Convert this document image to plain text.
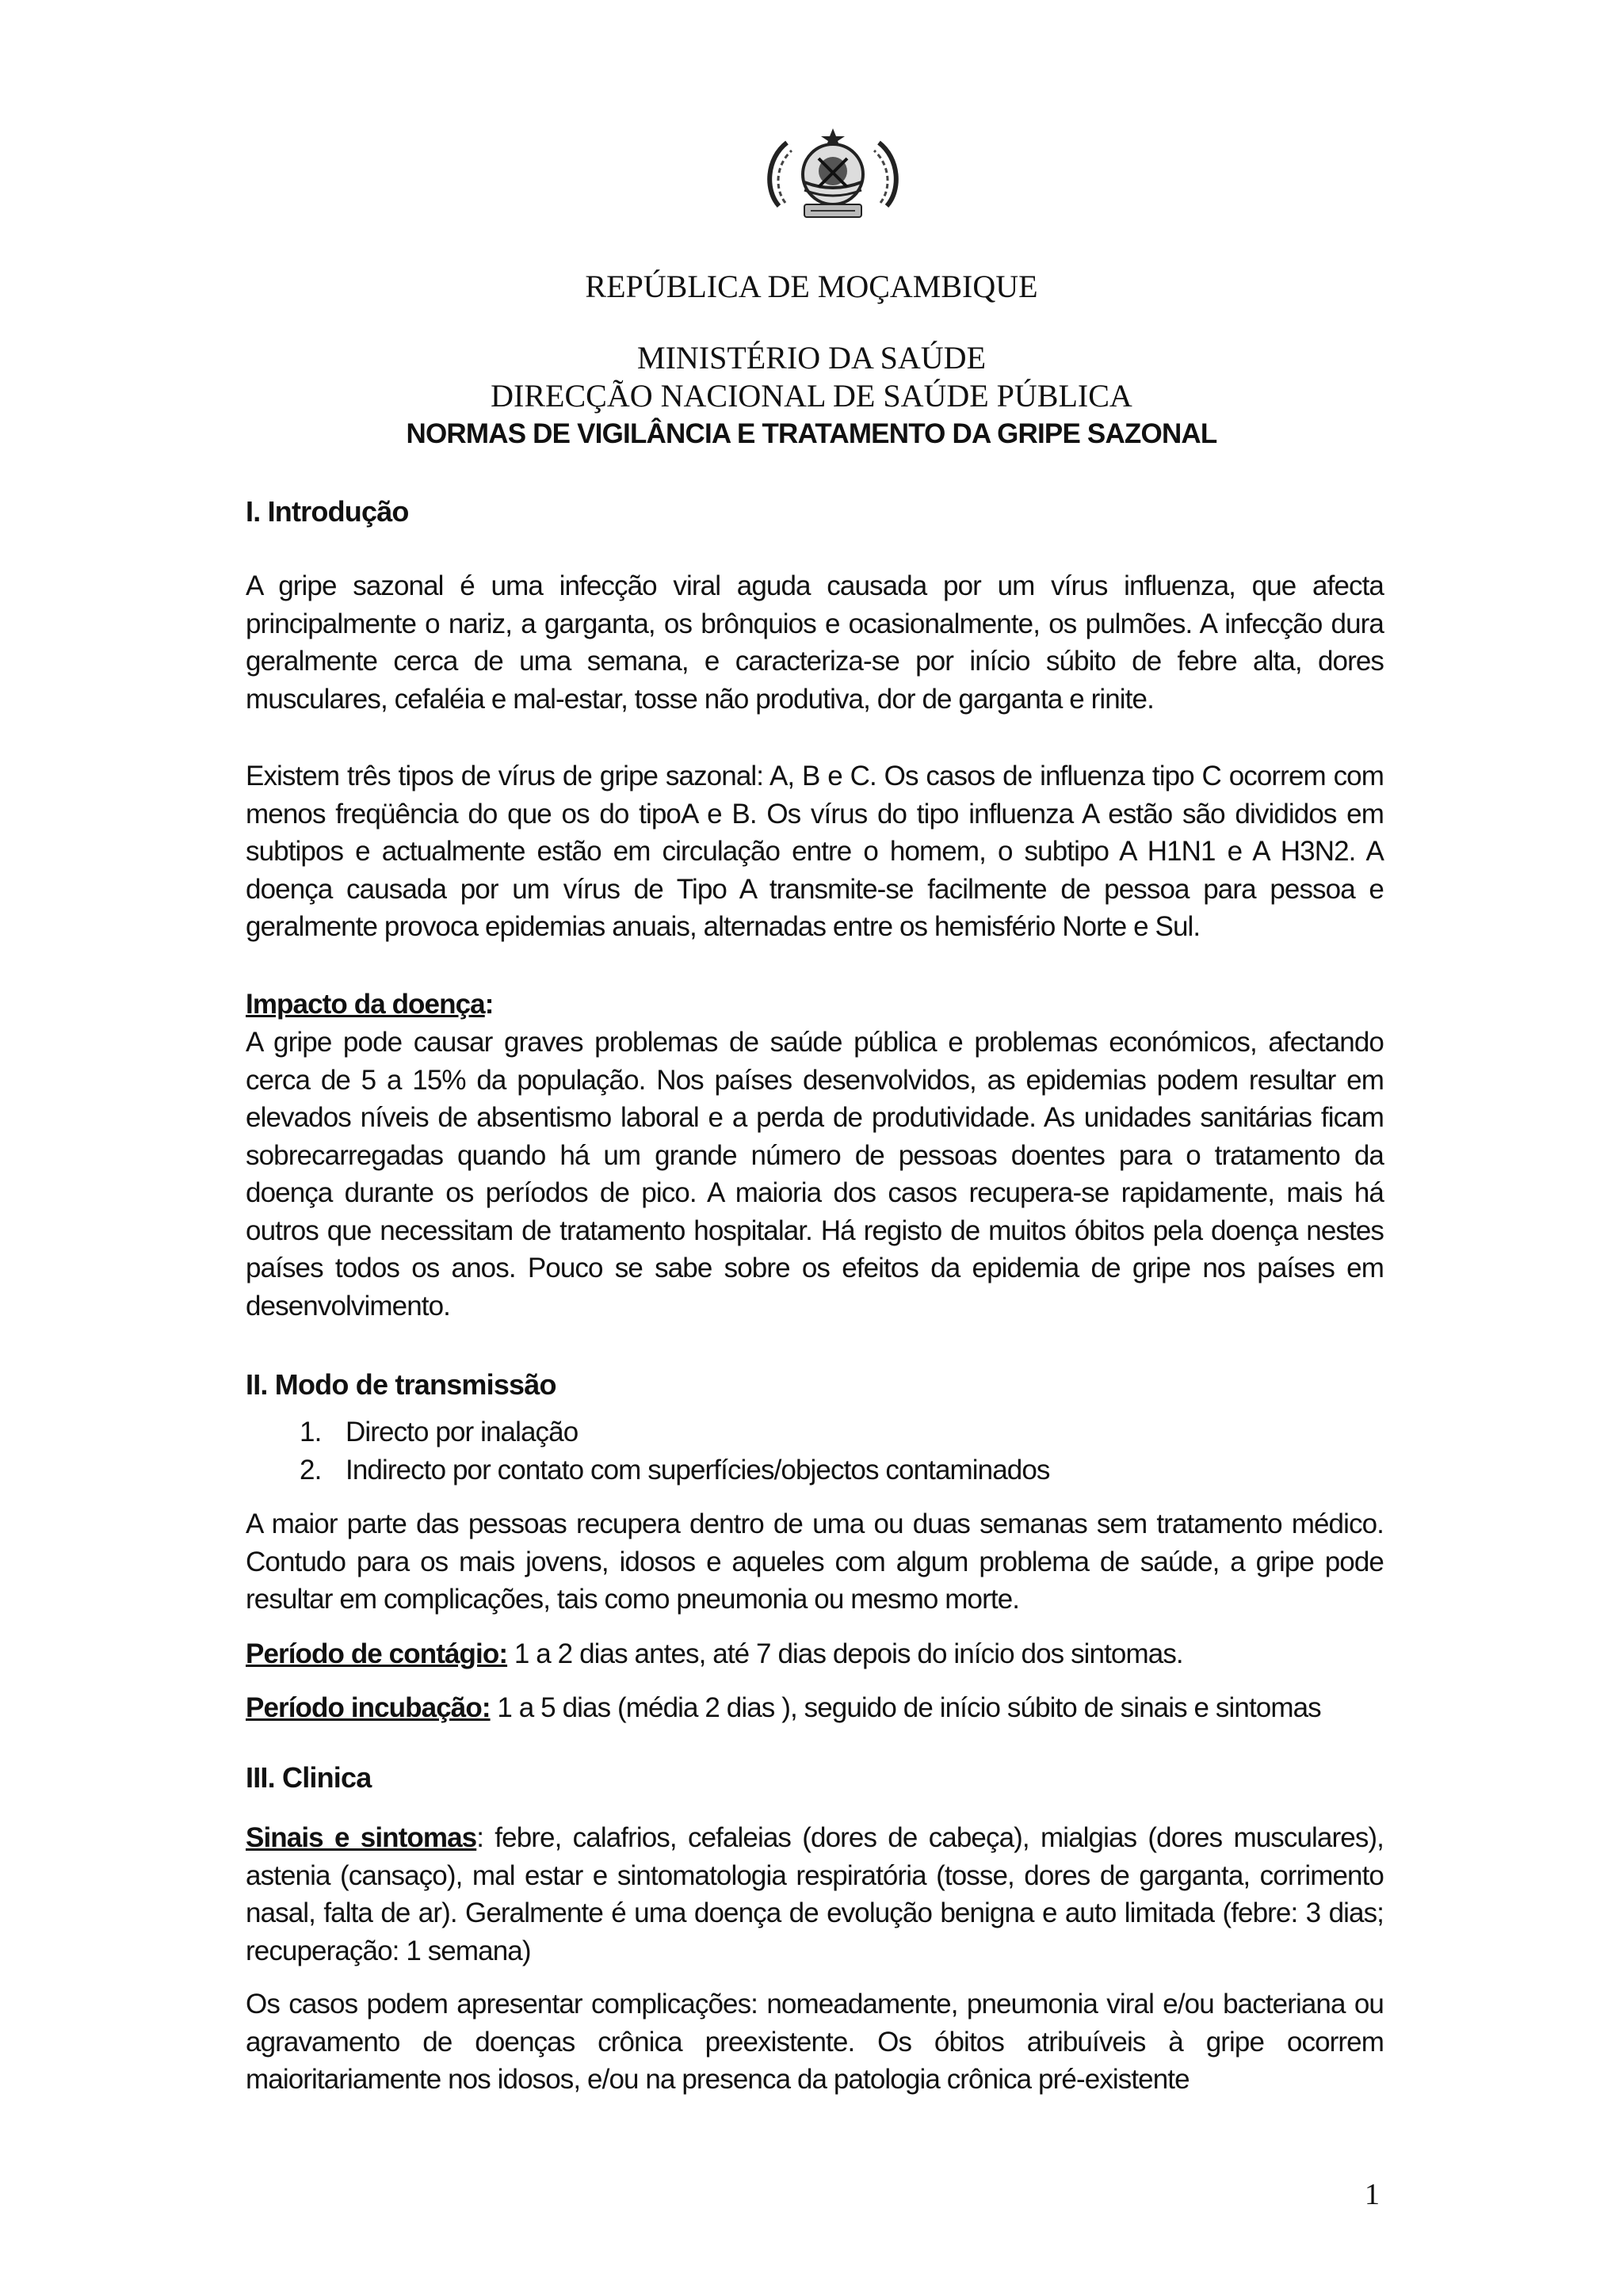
REPÚBLICA DE MOÇAMBIQUE
MINISTÉRIO DA SAÚDE
DIRECÇÃO NACIONAL DE SAÚDE PÚBLICA
NORMAS DE VIGILÂNCIA E TRATAMENTO DA GRIPE SAZONAL
I. Introdução

A gripe sazonal é uma infecção viral aguda causada por um vírus influenza, que afecta principalmente o nariz, a garganta, os brônquios e ocasionalmente, os pulmões. A infecção dura geralmente cerca de uma semana, e caracteriza-se por início súbito de febre alta, dores musculares, cefaléia e mal-estar, tosse não produtiva, dor de garganta e rinite.

Existem três tipos de vírus de gripe sazonal: A, B e C. Os casos de influenza tipo C ocorrem com menos freqüência do que os do tipoA e B. Os vírus do tipo influenza A estão são divididos em subtipos e actualmente estão em circulação entre o homem, o subtipo A H1N1 e A H3N2. A doença causada por um vírus de Tipo A transmite-se facilmente de pessoa para pessoa e geralmente provoca epidemias anuais, alternadas entre os hemisfério Norte e Sul.

Impacto da doença:

A gripe pode causar graves problemas de saúde pública e problemas económicos, afectando cerca de 5 a 15% da população. Nos países desenvolvidos, as epidemias podem resultar em elevados níveis de absentismo laboral e a perda de produtividade. As unidades sanitárias ficam sobrecarregadas quando há um grande número de pessoas doentes para o tratamento da doença durante os períodos de pico. A maioria dos casos recupera-se rapidamente, mais há outros que necessitam de tratamento hospitalar. Há registo de muitos óbitos pela doença nestes países todos os anos. Pouco se sabe sobre os efeitos da epidemia de gripe nos países em desenvolvimento.

II. Modo de transmissão
1. Directo por inalação
2. Indirecto por contato com superfícies/objectos contaminados

A maior parte das pessoas recupera dentro de uma ou duas semanas sem tratamento médico. Contudo para os mais jovens, idosos e aqueles com algum problema de saúde, a gripe pode resultar em complicações, tais como pneumonia ou mesmo morte.

Período de contágio: 1 a 2 dias antes, até 7 dias depois do início dos sintomas.

Período incubação: 1 a 5 dias (média 2 dias ), seguido de início súbito de sinais e sintomas

III. Clinica

Sinais e sintomas: febre, calafrios, cefaleias (dores de cabeça), mialgias (dores musculares), astenia (cansaço), mal estar e sintomatologia respiratória (tosse, dores de garganta, corrimento nasal, falta de ar). Geralmente é uma doença de evolução benigna e auto limitada (febre: 3 dias; recuperação: 1 semana)

Os casos podem apresentar complicações: nomeadamente, pneumonia viral e/ou bacteriana ou agravamento de doenças crônica preexistente. Os óbitos atribuíveis à gripe ocorrem maioritariamente nos idosos, e/ou na presenca da patologia crônica pré-existente

1
